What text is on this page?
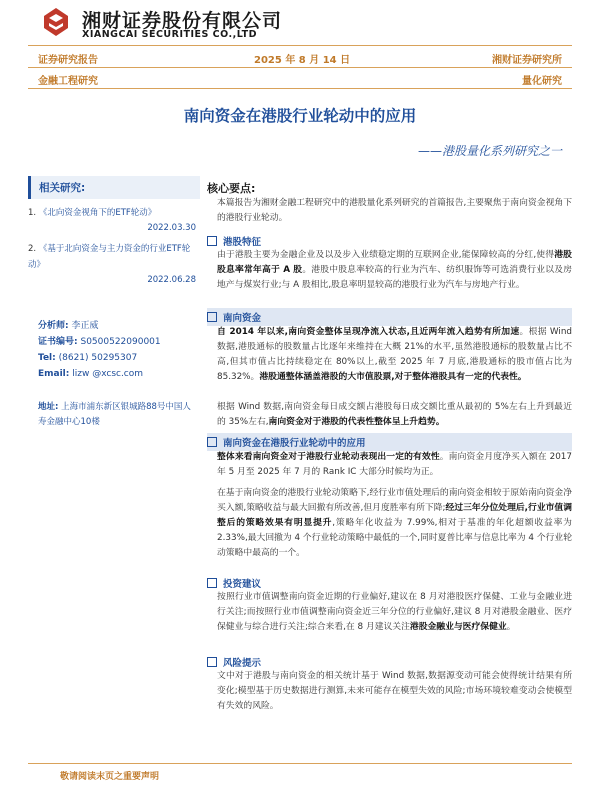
湘财证券股份有限公司
XIANGCAI SECURITIES CO.,LTD
证券研究报告	2025 年 8 月 14 日	湘财证券研究所
金融工程研究	量化研究
南向资金在港股行业轮动中的应用
——港股量化系列研究之一
相关研究:
1. 《北向资金视角下的ETF轮动》
2022.03.30
2. 《基于北向资金与主力资金的行业ETF轮动》
2022.06.28
分析师: 李正威
证书编号: S0500522090001
Tel: (8621) 50295307
Email: lizw @xcsc.com
地址: 上海市浦东新区银城路88号中国人寿金融中心10楼
核心要点:
本篇报告为湘财金融工程研究中的港股量化系列研究的首篇报告,主要聚焦于南向资金视角下的港股行业轮动。
港股特征
由于港股主要为金融企业及以及步入业绩稳定期的互联网企业,能保障较高的分红,使得港股股息率常年高于 A 股。港股中股息率较高的行业为汽车、纺织服饰等可选消费行业以及房地产与煤炭行业;与 A 股相比,股息率明显较高的港股行业为汽车与房地产行业。
南向资金
自 2014 年以来,南向资金整体呈现净流入状态,且近两年流入趋势有所加速。根据 Wind 数据,港股通标的股数量占比逐年来维持在大概 21%的水平,虽然港股通标的股数量占比不高,但其市值占比持续稳定在 80%以上,截至 2025 年 7 月底,港股通标的股市值占比为 85.32%。港股通整体涵盖港股的大市值股票,对于整体港股具有一定的代表性。
根据 Wind 数据,南向资金每日成交额占港股每日成交额比重从最初的 5%左右上升到最近的 35%左右,南向资金对于港股的代表性整体呈上升趋势。
南向资金在港股行业轮动中的应用
整体来看南向资金对于港股行业轮动表现出一定的有效性。南向资金月度净买入额在 2017 年 5 月至 2025 年 7 月的 Rank IC 大部分时候均为正。
在基于南向资金的港股行业轮动策略下,经行业市值处理后的南向资金相较于原始南向资金净买入额,策略收益与最大回撤有所改善,但月度胜率有所下降;经过三年分位处理后,行业市值调整后的策略效果有明显提升,策略年化收益为 7.99%,相对于基准的年化超额收益率为 2.33%,最大回撤为 4 个行业轮动策略中最低的一个,同时夏普比率与信息比率为 4 个行业轮动策略中最高的一个。
投资建议
按照行业市值调整南向资金近期的行业偏好,建议在 8 月对港股医疗保健、工业与金融业进行关注;而按照行业市值调整南向资金近三年分位的行业偏好,建议 8 月对港股金融业、医疗保健业与综合进行关注;综合来看,在 8 月建议关注港股金融业与医疗保健业。
风险提示
文中对于港股与南向资金的相关统计基于 Wind 数据,数据源变动可能会使得统计结果有所变化;模型基于历史数据进行测算,未来可能存在模型失效的风险;市场环境较难变动会使模型有失效的风险。
敬请阅读末页之重要声明
